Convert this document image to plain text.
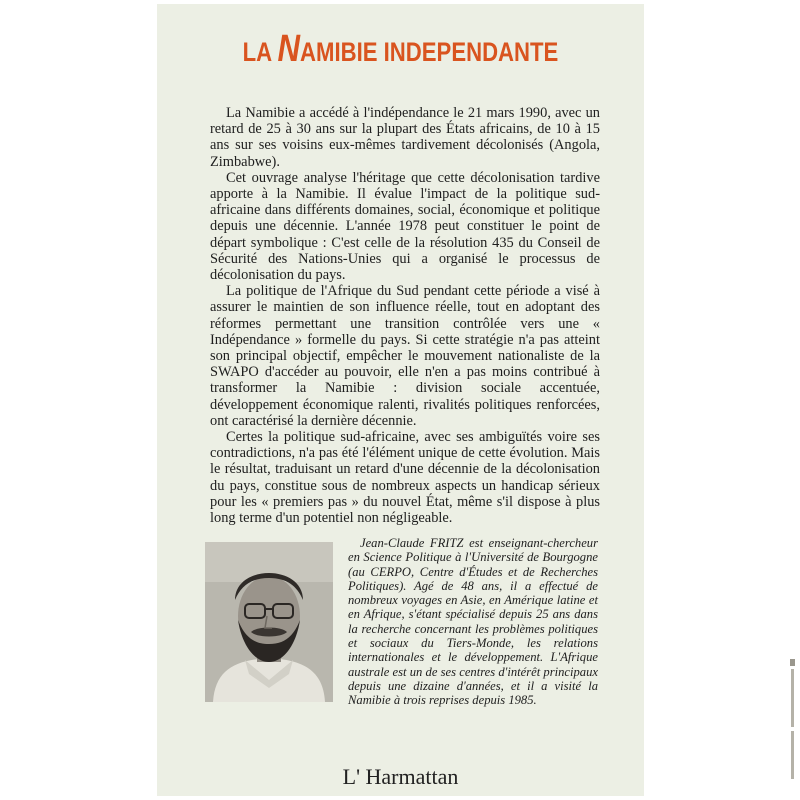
LA NAMIBIE INDEPENDANTE

La Namibie a accédé à l'indépendance le 21 mars 1990, avec un retard de 25 à 30 ans sur la plupart des États africains, de 10 à 15 ans sur ses voisins eux-mêmes tardivement décolonisés (Angola, Zimbabwe).

Cet ouvrage analyse l'héritage que cette décolonisation tardive apporte à la Namibie. Il évalue l'impact de la politique sud-africaine dans différents domaines, social, économique et politique depuis une décennie. L'année 1978 peut constituer le point de départ symbolique : C'est celle de la résolution 435 du Conseil de Sécurité des Nations-Unies qui a organisé le processus de décolonisation du pays.

La politique de l'Afrique du Sud pendant cette période a visé à assurer le maintien de son influence réelle, tout en adoptant des réformes permettant une transition contrôlée vers une « Indépendance » formelle du pays. Si cette stratégie n'a pas atteint son principal objectif, empêcher le mouvement nationaliste de la SWAPO d'accéder au pouvoir, elle n'en a pas moins contribué à transformer la Namibie : division sociale accentuée, développement économique ralenti, rivalités politiques renforcées, ont caractérisé la dernière décennie.

Certes la politique sud-africaine, avec ses ambiguïtés voire ses contradictions, n'a pas été l'élément unique de cette évolution. Mais le résultat, traduisant un retard d'une décennie de la décolonisation du pays, constitue sous de nombreux aspects un handicap sérieux pour les « premiers pas » du nouvel État, même s'il dispose à plus long terme d'un potentiel non négligeable.

Jean-Claude FRITZ est enseignant-chercheur en Science Politique à l'Université de Bourgogne (au CERPO, Centre d'Études et de Recherches Politiques). Agé de 48 ans, il a effectué de nombreux voyages en Asie, en Amérique latine et en Afrique, s'étant spécialisé depuis 25 ans dans la recherche concernant les problèmes politiques et sociaux du Tiers-Monde, les relations internationales et le développement. L'Afrique australe est un de ses centres d'intérêt principaux depuis une dizaine d'années, et il a visité la Namibie à trois reprises depuis 1985.

L' Harmattan
